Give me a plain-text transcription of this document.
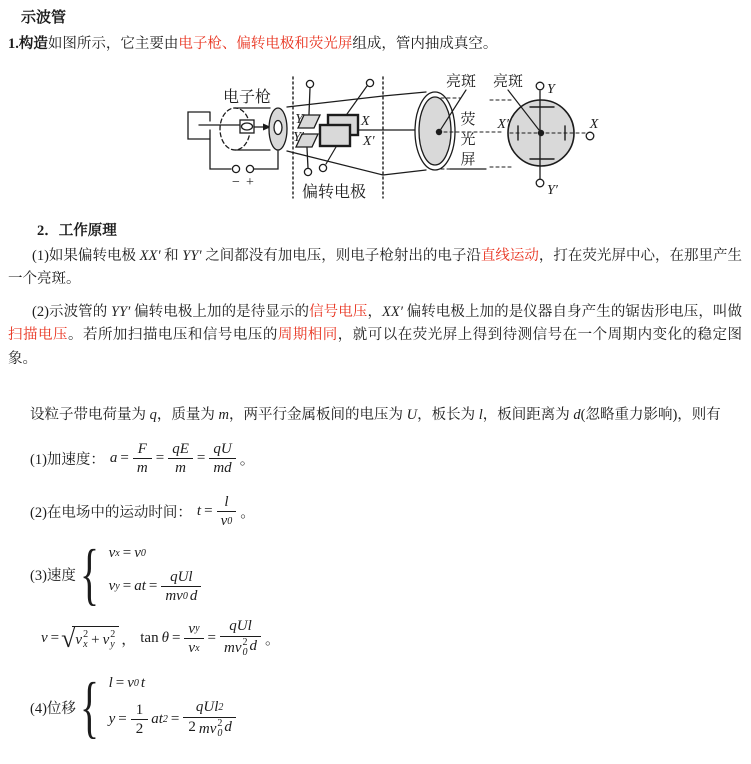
示波管

1.构造如图所示，它主要由电子枪、偏转电极和荧光屏组成，管内抽成真空。

电子枪
偏转电极
亮斑 亮斑
荧
光
屏
− +
Y
Y′
X
X′
Y
Y′
X′	X
2．工作原理

(1)如果偏转电极 XX′ 和 YY′ 之间都没有加电压，则电子枪射出的电子沿直线运动，打在荧光屏中心，在那里产生一个亮斑。

(2)示波管的 YY′ 偏转电极上加的是待显示的信号电压，XX′ 偏转电极上加的是仪器自身产生的锯齿形电压，叫做扫描电压。若所加扫描电压和信号电压的周期相同，就可以在荧光屏上得到待测信号在一个周期内变化的稳定图象。

设粒子带电荷量为 q，质量为 m，两平行金属板间的电压为 U，板长为 l，板间距离为 d(忽略重力影响)，则有

(1)加速度： $a = \frac{F}{m} = \frac{qE}{m} = \frac{qU}{md}$ 。
(2)在电场中的运动时间： $t = \frac{l}{v 0}$ 。
(3)速度 { v x = v 0
v y = at = $\frac{\text{qUl}}{mv 0 d}$
v = √ v 2
x + v 2
y ， $\tan \theta = \frac{\text{v y}}{\text{v x}}$ = qUl
mv 2
0 d 。
(4)位移 { l = v 0 t
$y = \frac{1}{2}$ at 2 = qUl 2
2 mv 2
0 d
